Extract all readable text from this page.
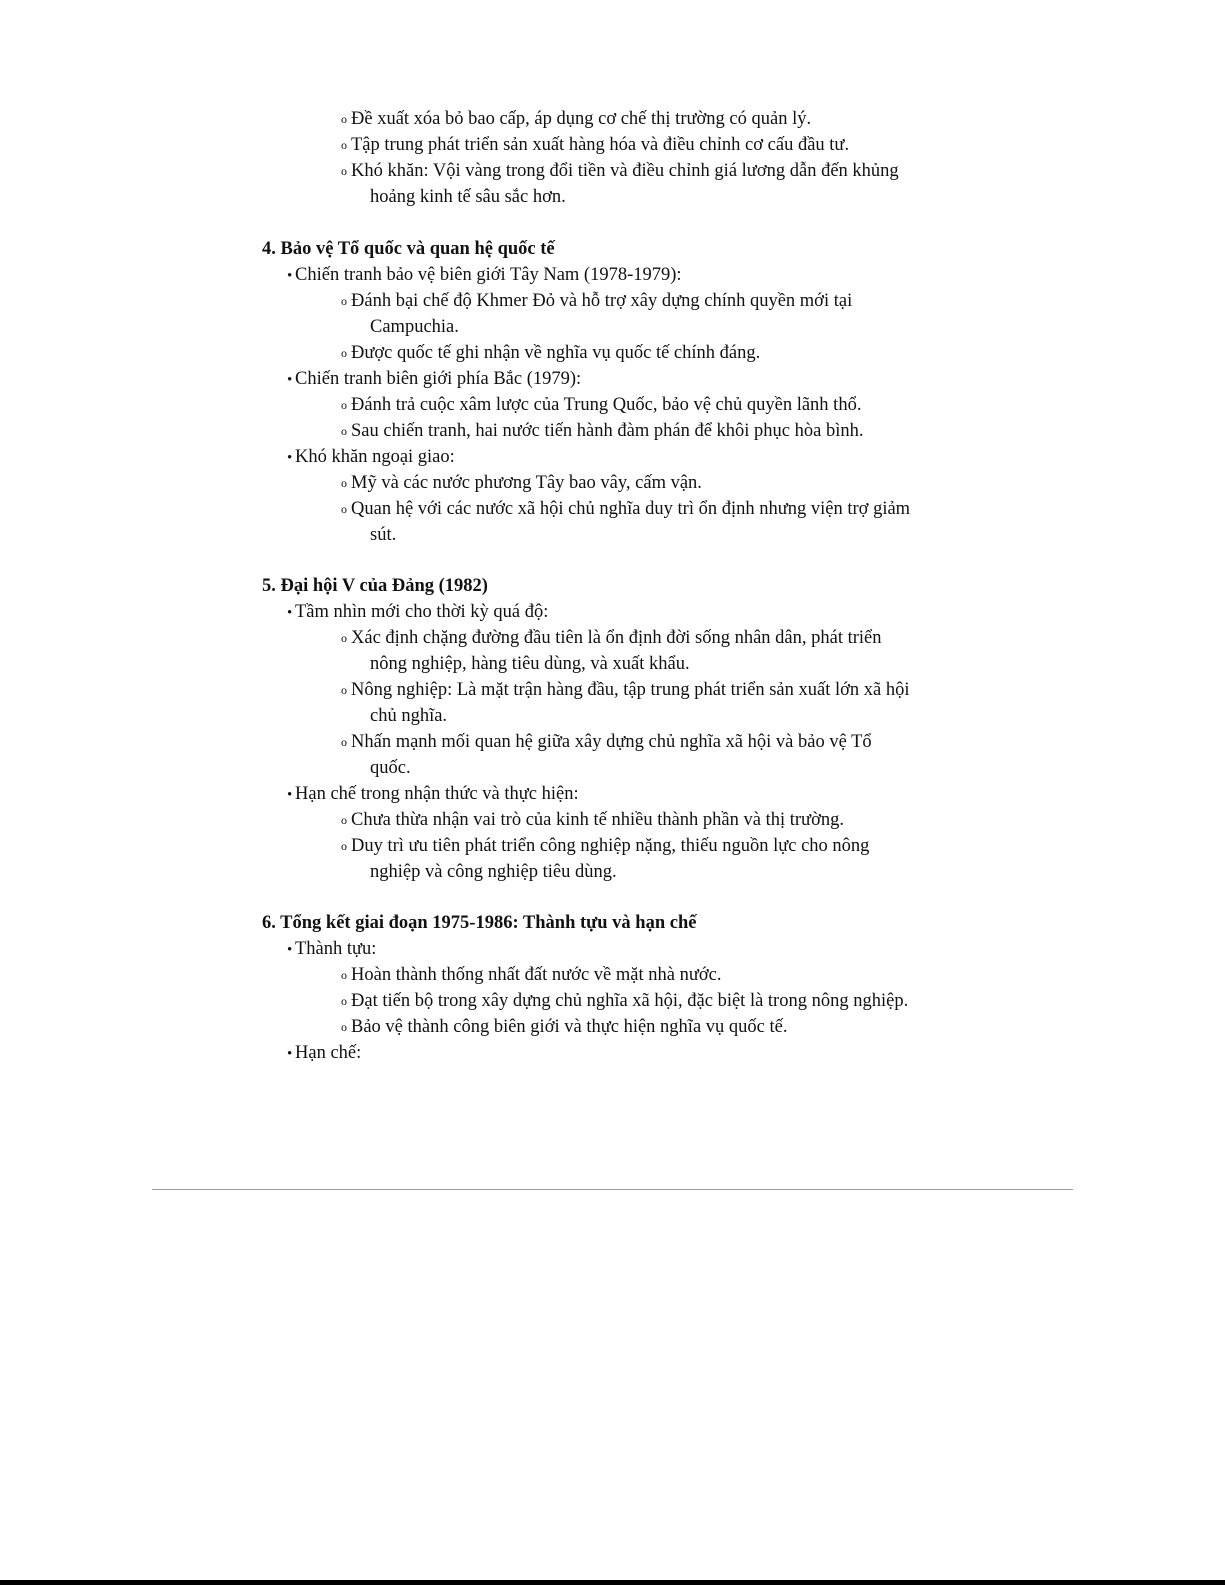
o Đề xuất xóa bỏ bao cấp, áp dụng cơ chế thị trường có quản lý.
o Tập trung phát triển sản xuất hàng hóa và điều chỉnh cơ cấu đầu tư.
o Khó khăn: Vội vàng trong đổi tiền và điều chỉnh giá lương dẫn đến khủng
hoảng kinh tế sâu sắc hơn.
4. Bảo vệ Tổ quốc và quan hệ quốc tế
• Chiến tranh bảo vệ biên giới Tây Nam (1978-1979):
o Đánh bại chế độ Khmer Đỏ và hỗ trợ xây dựng chính quyền mới tại
Campuchia.
o Được quốc tế ghi nhận về nghĩa vụ quốc tế chính đáng.
• Chiến tranh biên giới phía Bắc (1979):
o Đánh trả cuộc xâm lược của Trung Quốc, bảo vệ chủ quyền lãnh thổ.
o Sau chiến tranh, hai nước tiến hành đàm phán để khôi phục hòa bình.
• Khó khăn ngoại giao:
o Mỹ và các nước phương Tây bao vây, cấm vận.
o Quan hệ với các nước xã hội chủ nghĩa duy trì ổn định nhưng viện trợ giảm
sút.
5. Đại hội V của Đảng (1982)
• Tầm nhìn mới cho thời kỳ quá độ:
o Xác định chặng đường đầu tiên là ổn định đời sống nhân dân, phát triển
nông nghiệp, hàng tiêu dùng, và xuất khẩu.
o Nông nghiệp: Là mặt trận hàng đầu, tập trung phát triển sản xuất lớn xã hội
chủ nghĩa.
o Nhấn mạnh mối quan hệ giữa xây dựng chủ nghĩa xã hội và bảo vệ Tổ
quốc.
• Hạn chế trong nhận thức và thực hiện:
o Chưa thừa nhận vai trò của kinh tế nhiều thành phần và thị trường.
o Duy trì ưu tiên phát triển công nghiệp nặng, thiếu nguồn lực cho nông
nghiệp và công nghiệp tiêu dùng.
6. Tổng kết giai đoạn 1975-1986: Thành tựu và hạn chế
• Thành tựu:
o Hoàn thành thống nhất đất nước về mặt nhà nước.
o Đạt tiến bộ trong xây dựng chủ nghĩa xã hội, đặc biệt là trong nông nghiệp.
o Bảo vệ thành công biên giới và thực hiện nghĩa vụ quốc tế.
• Hạn chế:
